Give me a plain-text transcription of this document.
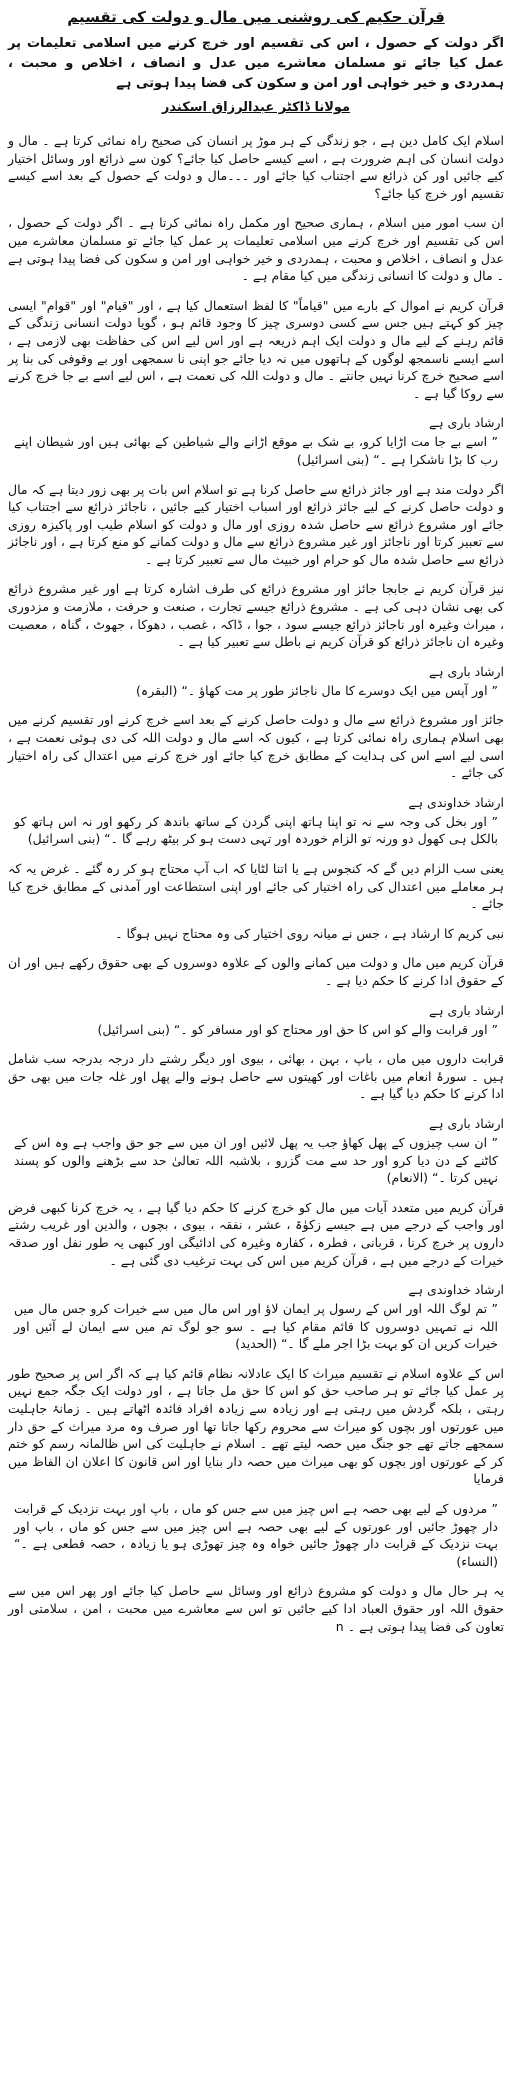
قرآن حکیم کی روشنی میں مال و دولت کی تقسیم

اگر دولت کے حصول ، اس کی تقسیم اور خرچ کرنے میں اسلامی تعلیمات پر عمل کیا جائے تو مسلمان معاشرے میں عدل و انصاف ، اخلاص و محبت ، ہمدردی و خیر خواہی اور امن و سکون کی فضا پیدا ہوتی ہے

مولانا ڈاکٹر عبدالرزاق اسکندر

اسلام ایک کامل دین ہے ، جو زندگی کے ہر موڑ پر انسان کی صحیح راہ نمائی کرتا ہے ۔ مال و دولت انسان کی اہم ضرورت ہے ، اسے کیسے حاصل کیا جائے؟ کون سے ذرائع اور وسائل اختیار کیے جائیں اور کن ذرائع سے اجتناب کیا جائے اور ۔۔۔مال و دولت کے حصول کے بعد اسے کیسے تقسیم اور خرچ کیا جائے؟

ان سب امور میں اسلام ، ہماری صحیح اور مکمل راہ نمائی کرتا ہے ۔ اگر دولت کے حصول ، اس کی تقسیم اور خرچ کرنے میں اسلامی تعلیمات پر عمل کیا جائے تو مسلمان معاشرے میں عدل و انصاف ، اخلاص و محبت ، ہمدردی و خیر خواہی اور امن و سکون کی فضا پیدا ہوتی ہے ۔ مال و دولت کا انسانی زندگی میں کیا مقام ہے ۔

قرآن کریم نے اموال کے بارے میں "قیاماً" کا لفظ استعمال کیا ہے ، اور "قیام" اور "قوام" ایسی چیز کو کہتے ہیں جس سے کسی دوسری چیز کا وجود قائم ہو ، گویا دولت انسانی زندگی کے قائم رہنے کے لیے مال و دولت ایک اہم ذریعہ ہے اور اس لیے اس کی حفاظت بھی لازمی ہے ، اسے ایسے ناسمجھ لوگوں کے ہاتھوں میں نہ دیا جائے جو اپنی نا سمجھی اور بے وقوفی کی بنا پر اسے صحیح خرچ کرنا نہیں جانتے ۔ مال و دولت اللہ کی نعمت ہے ، اس لیے اسے بے جا خرچ کرنے سے روکا گیا ہے ۔

ارشاد باری ہے

” اسے بے جا مت اڑایا کرو، بے شک بے موقع اڑانے والے شیاطین کے بھائی ہیں اور شیطان اپنے رب کا بڑا ناشکرا ہے ۔“ (بنی اسرائیل)

اگر دولت مند ہے اور جائز ذرائع سے حاصل کرنا ہے تو اسلام اس بات پر بھی زور دیتا ہے کہ مال و دولت حاصل کرنے کے لیے جائز ذرائع اور اسباب اختیار کیے جائیں ، ناجائز ذرائع سے اجتناب کیا جائے اور مشروع ذرائع سے حاصل شدہ روزی اور مال و دولت کو اسلام طیب اور پاکیزہ روزی سے تعبیر کرتا اور ناجائز اور غیر مشروع ذرائع سے مال و دولت کمانے کو منع کرتا ہے ، اور ناجائز ذرائع سے حاصل شدہ مال کو حرام اور خبیث مال سے تعبیر کرتا ہے ۔

نیز قرآن کریم نے جابجا جائز اور مشروع ذرائع کی طرف اشارہ کرتا ہے اور غیر مشروع ذرائع کی بھی نشان دہی کی ہے ۔ مشروع ذرائع جیسے تجارت ، صنعت و حرفت ، ملازمت و مزدوری ، میراث وغیرہ اور ناجائز ذرائع جیسے سود ، جوا ، ڈاکہ ، غصب ، دھوکا ، جھوٹ ، گناہ ، معصیت وغیرہ ان ناجائز ذرائع کو قرآن کریم نے باطل سے تعبیر کیا ہے ۔

ارشاد باری ہے

” اور آپس میں ایک دوسرے کا مال ناجائز طور پر مت کھاؤ ۔“ (البقرہ)

جائز اور مشروع ذرائع سے مال و دولت حاصل کرنے کے بعد اسے خرچ کرنے اور تقسیم کرنے میں بھی اسلام ہماری راہ نمائی کرتا ہے ، کیوں کہ اسے مال و دولت اللہ کی دی ہوئی نعمت ہے ، اسی لیے اسے اس کی ہدایت کے مطابق خرچ کیا جائے اور خرچ کرنے میں اعتدال کی راہ اختیار کی جائے ۔

ارشاد خداوندی ہے

” اور بخل کی وجہ سے نہ تو اپنا ہاتھ اپنی گردن کے ساتھ باندھ کر رکھو اور نہ اس ہاتھ کو بالکل ہی کھول دو ورنہ تو الزام خوردہ اور تہی دست ہو کر بیٹھ رہے گا ۔“ (بنی اسرائیل)

یعنی سب الزام دیں گے کہ کنجوس ہے یا اتنا لٹایا کہ اب آپ محتاج ہو کر رہ گئے ۔ غرض یہ کہ ہر معاملے میں اعتدال کی راہ اختیار کی جائے اور اپنی استطاعت اور آمدنی کے مطابق خرچ کیا جائے ۔

نبی کریم کا ارشاد ہے ، جس نے میانہ روی اختیار کی وہ محتاج نہیں ہوگا ۔

قرآن کریم میں مال و دولت میں کمانے والوں کے علاوہ دوسروں کے بھی حقوق رکھے ہیں اور ان کے حقوق ادا کرنے کا حکم دیا ہے ۔

ارشاد باری ہے

” اور قرابت والے کو اس کا حق اور محتاج کو اور مسافر کو ۔“ (بنی اسرائیل)

قرابت داروں میں ماں ، باپ ، بہن ، بھائی ، بیوی اور دیگر رشتے دار درجہ بدرجہ سب شامل ہیں ۔ سورۂ انعام میں باغات اور کھیتوں سے حاصل ہونے والے پھل اور غلہ جات میں بھی حق ادا کرنے کا حکم دیا گیا ہے ۔

ارشاد باری ہے

” ان سب چیزوں کے پھل کھاؤ جب یہ پھل لائیں اور ان میں سے جو حق واجب ہے وہ اس کے کاٹنے کے دن دیا کرو اور حد سے مت گزرو ، بلاشبہ اللہ تعالیٰ حد سے بڑھنے والوں کو پسند نہیں کرتا ۔“ (الانعام)

قرآن کریم میں متعدد آیات میں مال کو خرچ کرنے کا حکم دیا گیا ہے ، یہ خرچ کرنا کبھی فرض اور واجب کے درجے میں ہے جیسے زکوٰۃ ، عشر ، نفقہ ، بیوی ، بچوں ، والدین اور غریب رشتے داروں پر خرچ کرنا ، قربانی ، فطرہ ، کفارہ وغیرہ کی ادائیگی اور کبھی یہ طور نفل اور صدقہ خیرات کے درجے میں ہے ، قرآن کریم میں اس کی بہت ترغیب دی گئی ہے ۔

ارشاد خداوندی ہے

” تم لوگ اللہ اور اس کے رسول پر ایمان لاؤ اور اس مال میں سے خیرات کرو جس مال میں اللہ نے تمہیں دوسروں کا قائم مقام کیا ہے ۔ سو جو لوگ تم میں سے ایمان لے آئیں اور خیرات کریں ان کو بہت بڑا اجر ملے گا ۔“ (الحدید)

اس کے علاوہ اسلام نے تقسیم میراث کا ایک عادلانہ نظام قائم کیا ہے کہ اگر اس پر صحیح طور پر عمل کیا جائے تو ہر صاحب حق کو اس کا حق مل جاتا ہے ، اور دولت ایک جگہ جمع نہیں رہتی ، بلکہ گردش میں رہتی ہے اور زیادہ سے زیادہ افراد فائدہ اٹھاتے ہیں ۔ زمانۂ جاہلیت میں عورتوں اور بچوں کو میراث سے محروم رکھا جاتا تھا اور صرف وہ مرد میراث کے حق دار سمجھے جاتے تھے جو جنگ میں حصہ لیتے تھے ۔ اسلام نے جاہلیت کی اس ظالمانہ رسم کو ختم کر کے عورتوں اور بچوں کو بھی میراث میں حصہ دار بنایا اور اس قانون کا اعلان ان الفاظ میں فرمایا

” مردوں کے لیے بھی حصہ ہے اس چیز میں سے جس کو ماں ، باپ اور بہت نزدیک کے قرابت دار چھوڑ جائیں اور عورتوں کے لیے بھی حصہ ہے اس چیز میں سے جس کو ماں ، باپ اور بہت نزدیک کے قرابت دار چھوڑ جائیں خواہ وہ چیز تھوڑی ہو یا زیادہ ، حصہ قطعی ہے ۔“ (النساء)

یہ ہر حال مال و دولت کو مشروع ذرائع اور وسائل سے حاصل کیا جائے اور پھر اس میں سے حقوق اللہ اور حقوق العباد ادا کیے جائیں تو اس سے معاشرے میں محبت ، امن ، سلامتی اور تعاون کی فضا پیدا ہوتی ہے ۔ n
